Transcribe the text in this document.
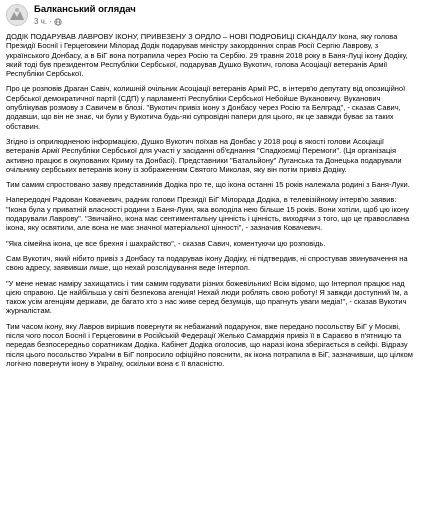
Балканський оглядач
3 ч. ·

ДОДІК ПОДАРУВАВ ЛАВРОВУ ІКОНУ, ПРИВЕЗЕНУ З ОРДЛО – НОВІ ПОДРОБИЦІ СКАНДАЛУ Ікона, яку голова Президії Боснії і Герцеговини Мілорад Додік подарував міністру закордонних справ Росії Сергію Лаврову, з українського Донбасу, а в БіГ вона потрапила через Росію та Сербію. 29 травня 2018 року в Баня-Луці ікону Додіку, який тоді був президентом Республіки Сербської, подарував Душко Вукотич, голова Асоціації ветеранів Армії Республіки Сербської.

Про це розповів Драган Савіч, колишній очільник Асоціації ветеранів Армії РС, в інтерв'ю депутату від опозиційної Сербської демократичної партії (СДП) у парламенті Республіки Сербської Небойше Вукановичу. Вуканович опублікував розмову з Савичем в блозі. "Вукотич привіз ікону з Донбасу через Росію та Белград", - сказав Савич, додавши, що він не знає, чи були у Вукотича будь-які супровідні папери для цього, як це завжди буває за таких обставин.

Згідно із оприлюдненою інформацією, Душко Вукотич поїхав на Донбас у 2018 році в якості голови Асоціації ветеранів Армії Республіки Сербської для участі у засіданні об'єднання "Спадкоємці Перемоги". (Ця організація активно працює в окупованих Криму та Донбасі). Представники "Батальйону" Луганська та Донецька подарували очільнику сербських ветеранів ікону із зображенням Святого Миколая, яку він потім привіз Додіку.

Тим самим спростовано заяву представників Додіка про те, що ікона останні 15 років належала родині з Баня-Луки.

Напередодні Радован Ковачевич, радник голови Президії БіГ Мілорада Додіка, в телевізійному інтерв'ю заявив: "Ікона була у приватній власності родини з Баня-Луки, яка володіла нею більше 15 років. Вони хотіли, щоб цю ікону подарували Лаврову". "Звичайно, ікона має сентиментальну цінність і цінність, виходячи з того, що це православна ікона, яку освятили, але вона не має значної матеріальної цінності", - зазначив Ковачевич.

"Яка сімейна ікона, це все брехня і шахрайство", - сказав Савич, коментуючи цю розповідь.

Сам Вукотич, який нібито привіз з Донбасу та подарував ікону Додіку, ні підтвердив, ні спростував звинувачення на свою адресу, заявивши лише, що нехай розслідування веде Інтерпол.

"У мене немає наміру захищатись і тим самим годувати різних божевільних! Всім відомо, що Інтерпол працює над цією справою. Це найбільша у світі безпекова агенція! Нехай люди роблять свою роботу! Я завжди доступний їм, а також усім агенціям держави, де багато хто з нас живе серед безумців, що прагнуть уваги медіа!", - сказав Вукотич журналістам.

Тим часом ікону, яку Лавров вирішив повернути як небажаний подарунок, вже передано посольству БіГ у Москві, після чого посол Боснії і Герцеговини в Російській Федерації Желько Самарджія привіз її в Сараєво в п'ятницю та передав безпосередньо соратникам Додіка. Кабінет Додіка оголосив, що наразі ікона зберігається в сейфі. Відразу після цього посольство України в БіГ попросило офіційно пояснити, як ікона потрапила в БіГ, зазначивши, що цілком логічно повернути ікону в Україну, оскільки вона є її власністю.
